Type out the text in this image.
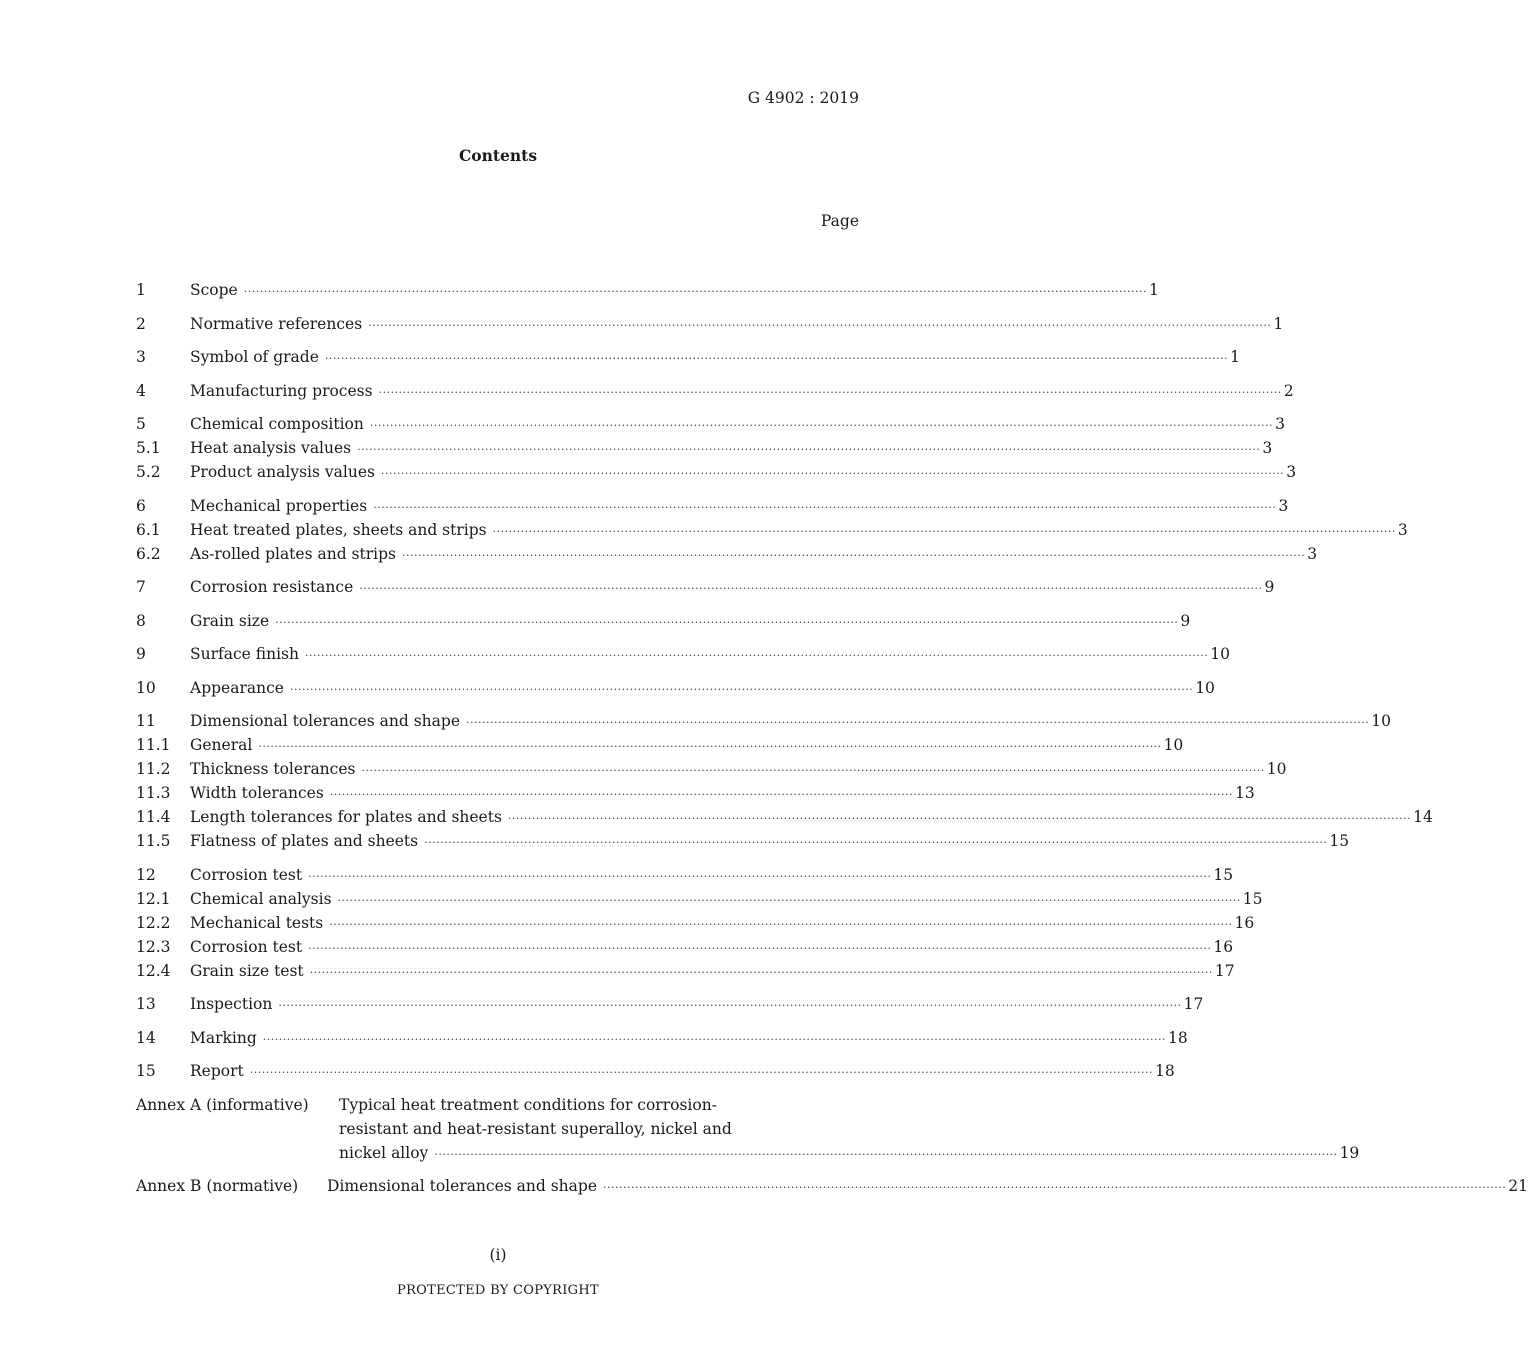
G 4902 : 2019
Contents
Page
1	Scope ·····	1
2	Normative references ·····	1
3	Symbol of grade ·····	1
4	Manufacturing process ·····	2
5	Chemical composition ·····	3
5.1	Heat analysis values ·····	3
5.2	Product analysis values ·····	3
6	Mechanical properties ·····	3
6.1	Heat treated plates, sheets and strips ·····	3
6.2	As-rolled plates and strips ·····	3
7	Corrosion resistance ·····	9
8	Grain size ·····	9
9	Surface finish ·····	10
10	Appearance ·····	10
11	Dimensional tolerances and shape ·····	10
11.1	General ·····	10
11.2	Thickness tolerances ·····	10
11.3	Width tolerances ·····	13
11.4	Length tolerances for plates and sheets ·····	14
11.5	Flatness of plates and sheets ·····	15
12	Corrosion test ·····	15
12.1	Chemical analysis ·····	15
12.2	Mechanical tests ·····	16
12.3	Corrosion test ·····	16
12.4	Grain size test ·····	17
13	Inspection ·····	17
14	Marking ·····	18
15	Report ·····	18
Annex A (informative)	Typical heat treatment conditions for corrosion-
resistant and heat-resistant superalloy, nickel and
nickel alloy ·····	19
Annex B (normative)	Dimensional tolerances and shape ·····	21
(i)
PROTECTED BY COPYRIGHT
